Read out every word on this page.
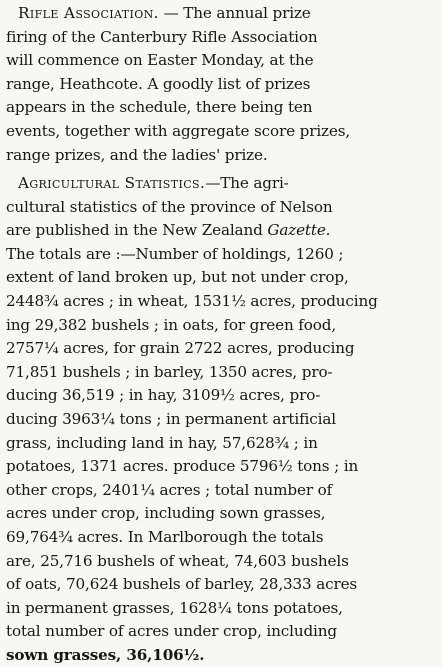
Rifle Association. — The annual prize
firing of the Canterbury Rifle Association
will commence on Easter Monday, at the
range, Heathcote. A goodly list of prizes
appears in the schedule, there being ten
events, together with aggregate score prizes,
range prizes, and the ladies' prize.
Agricultural Statistics.—The agri-
cultural statistics of the province of Nelson
are published in the New Zealand Gazette.
The totals are :—Number of holdings, 1260 ;
extent of land broken up, but not under crop,
2448¾ acres ; in wheat, 1531½ acres, producing
ing 29,382 bushels ; in oats, for green food,
2757¼ acres, for grain 2722 acres, producing
71,851 bushels ; in barley, 1350 acres, pro-
ducing 36,519 ; in hay, 3109½ acres, pro-
ducing 3963¼ tons ; in permanent artificial
grass, including land in hay, 57,628¾ ; in
potatoes, 1371 acres. produce 5796½ tons ; in
other crops, 2401¼ acres ; total number of
acres under crop, including sown grasses,
69,764¾ acres. In Marlborough the totals
are, 25,716 bushels of wheat, 74,603 bushels
of oats, 70,624 bushels of barley, 28,333 acres
in permanent grasses, 1628¼ tons potatoes,
total number of acres under crop, including
sown grasses, 36,106½.
